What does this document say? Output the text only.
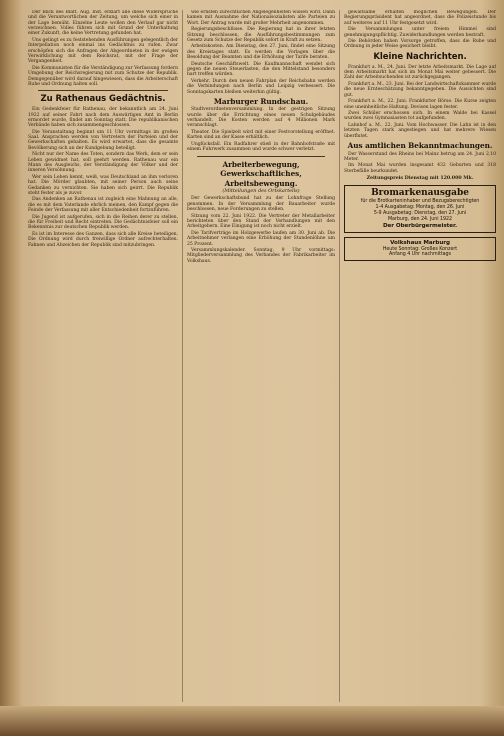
Der Blick des Blatt. Aug. Inst. erklärt alle diese Widersprüche und die Verantwortlichen der Zeitung, um welche sich einer in der Lage bemüht. Einzelne Leute wollen den Verlauf gar nicht verzeichnen. Volles führen sich mit Grund der Unterhaltung einer Zukunft, die keine Vertretung gefunden hat.

Uns gelingt es zu feststehenden Ausführungen gelegentlich der Interpellation noch einmal ins Gedächtnis zu rufen. Zwar erschöpfen sich die Anfragen der Abgeordneten in der ewigen Verwirklichung mit dem Reichsrat, mit der Frage der Vergangenheit.

Die Kommunisten für die Verständigung zur Verfassung fordern Umgebung der Reichsregierung mit zum Schutze der Republik. Demgegenüber wird darauf hingewiesen, dass die Arbeiterschaft Ruhe und Ordnung halten soll.

Zu Rathenaus Gedächtnis.

Ein Gedenkfeier für Rathenau, der bekanntlich am 24. Juni 1922 auf seiner Fahrt nach dem Auswärtigen Amt in Berlin ermordet wurde, findet am Sonntag statt. Die republikanischen Verbände haben sich zusammengeschlossen.

Die Veranstaltung beginnt um 11 Uhr vormittags im großen Saal. Ansprachen werden von Vertretern der Parteien und der Gewerkschaften gehalten. Es wird erwartet, dass die gesamte Bevölkerung sich an der Kundgebung beteiligt.

Nicht nur der Name des Toten, sondern das Werk, dem er sein Leben gewidmet hat, soll geehrt werden. Rathenau war ein Mann des Ausgleichs, der Verständigung der Völker und der inneren Versöhnung.

Wer sein Leben kennt, weiß, was Deutschland an ihm verloren hat. Die Mörder glaubten, mit seiner Person auch seine Gedanken zu vernichten. Sie haben sich geirrt. Die Republik steht fester als je zuvor.

Das Andenken an Rathenau ist zugleich eine Mahnung an alle, die es mit dem Vaterlande ehrlich meinen, den Kampf gegen die Feinde der Verfassung mit aller Entschiedenheit fortzuführen.

Die Jugend ist aufgerufen, sich in die Reihen derer zu stellen, die für Freiheit und Recht eintreten. Die Gedächtnisfeier soll ein Bekenntnis zur deutschen Republik werden.

Es ist im Interesse des Ganzen, dass sich alle Kreise beteiligen. Die Ordnung wird durch freiwillige Ordner aufrechterhalten. Fahnen und Abzeichen der Republik sind mitzubringen.

wie ernsten zurechtlichen Angelegenheiten wissen wird. Dann kamen mit Ausnahme der Nationalsozialisten alle Parteien zu Wort. Der Antrag wurde mit großer Mehrheit angenommen.

Regierungsbeschlüsse. Die Regierung hat in ihrer letzten Sitzung beschlossen, die Ausführungsbestimmungen zum Gesetz zum Schutze der Republik sofort in Kraft zu setzen.

Arbeitskosten. Am Dienstag, den 27. Juni, findet eine Sitzung des Kreistages statt. Es werden die Vorlagen über die Besoldung der Beamten und die Erhöhung der Tarife beraten.

Deutsche Geschäftswelt. Die Kaufmannschaft wendet sich gegen die neuen Steuerlasten, die den Mittelstand besonders hart treffen würden.

Verkehr. Durch den neuen Fahrplan der Reichsbahn werden die Verbindungen nach Berlin und Leipzig verbessert. Die Sonntagskarten bleiben weiterhin gültig.

Marburger Rundschau.

Stadtverordnetenversammlung. In der gestrigen Sitzung wurde über die Errichtung eines neuen Schulgebäudes verhandelt. Die Kosten werden auf 4 Millionen Mark veranschlagt.

Theater. Die Spielzeit wird mit einer Festvorstellung eröffnet. Karten sind an der Kasse erhältlich.

Unglücksfall. Ein Radfahrer stieß in der Bahnhofstraße mit einem Fuhrwerk zusammen und wurde schwer verletzt.

Arbeiterbewegung, Gewerkschaftliches, Arbeitsbewegung.
(Mitteilungen des Ortskartells)

Der Gewerkschaftsbund hat zu der Lohnfrage Stellung genommen. In der Versammlung der Bauarbeiter wurde beschlossen, neue Forderungen zu stellen.

Sitzung vom 22. Juni 1922. Die Vertreter der Metallarbeiter berichteten über den Stand der Verhandlungen mit den Arbeitgebern. Eine Einigung ist noch nicht erzielt.

Die Tarifverträge im Holzgewerbe laufen am 30. Juni ab. Die Arbeitnehmer verlangen eine Erhöhung der Stundenlöhne um 25 Prozent.

Versammlungskalender. Sonntag, 9 Uhr vormittags: Mitgliederversammlung des Verbandes der Fabrikarbeiter im Volkshaus.

gewaltsame erhalten möglichen Bewegungen. Der Regierungspräsident hat angeordnet, dass die Polizeistunde bis auf weiteres auf 11 Uhr festgesetzt wird.

Die Versammlungen unter freiem Himmel sind genehmigungspflichtig. Zuwiderhandlungen werden bestraft.

Die Behörden haben Vorsorge getroffen, dass die Ruhe und Ordnung in jeder Weise gesichert bleibt.

Kleine Nachrichten.

Frankfurt a. M., 24. Juni. Der letzte Arbeitsmarkt. Die Lage auf dem Arbeitsmarkt hat sich im Monat Mai weiter gebessert. Die Zahl der Arbeitsuchenden ist zurückgegangen.

Frankfurt a. M., 23. Juni. Bei der Landwirtschaftskammer wurde die neue Ernteschätzung bekanntgegeben. Die Aussichten sind gut.

Frankfurt a. M., 22. Juni. Frankfurter Börse. Die Kurse zeigten eine uneinheitliche Haltung. Devisen lagen fester.

Zwei Schüler erschossen sich. In einem Walde bei Kassel wurden zwei Gymnasiasten tot aufgefunden.

Lahnhof a. M., 22. Juni. Vom Hochwasser. Die Lahn ist in den letzten Tagen stark angestiegen und hat mehrere Wiesen überflutet.

Aus amtlichen Bekanntmachungen.

Der Wasserstand des Rheins bei Mainz betrug am 24. Juni 2,10 Meter.

Im Monat Mai wurden insgesamt 432 Geburten und 318 Sterbefälle beurkundet.

Zeitungspreis Dienstag mit 120.000 Mk.
Bromarkenausgabe
für die Brotkarteninhaber und Bezugsberechtigten
1-4 Ausgabetag: Montag, den 26. Juni
5-9 Ausgabetag: Dienstag, den 27. Juni
Marburg, den 24. Juni 1922
Der Oberbürgermeister.
Volkshaus Marburg
Heute Sonntag: Großes Konzert
Anfang 4 Uhr nachmittags
